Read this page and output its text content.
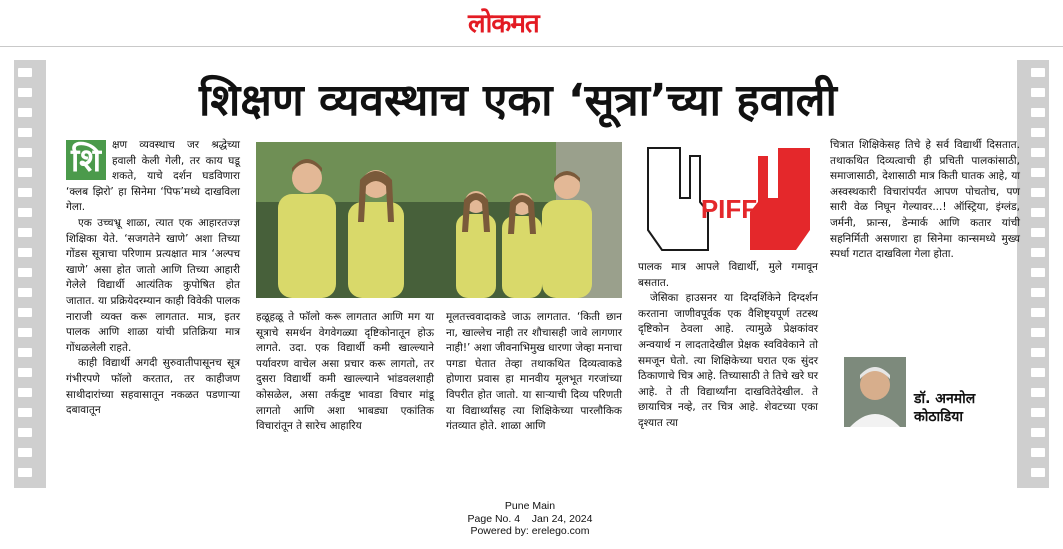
लोकमत
शिक्षण व्यवस्थाच एका ‘सूत्रा’च्या हवाली
शि	क्षण व्यवस्थाच जर श्रद्धेच्या हवाली केली गेली, तर काय घडू शकते, याचे दर्शन घडविणारा ‘क्लब झिरो’ हा सिनेमा ‘पिफ’मध्ये दाखविला गेला.

एक उच्चभ्रू शाळा, त्यात एक आहारतज्ज्ञ शिक्षिका येते. ‘सजगतेने खाणे’ अशा तिच्या गोंडस सूत्राचा परिणाम प्रत्यक्षात मात्र ‘अल्पच खाणे’ असा होत जातो आणि तिच्या आहारी गेलेले विद्यार्थी आत्यंतिक कुपोषित होत जातात. या प्रक्रियेदरम्यान काही विवेकी पालक नाराजी व्यक्त करू लागतात. मात्र, इतर पालक आणि शाळा यांची प्रतिक्रिया मात्र गोंधळलेली राहते.

काही विद्यार्थी अगदी सुरुवातीपासूनच सूत्र गंभीरपणे फॉलो करतात, तर काहीजण साथीदारांच्या सहवासातून नकळत पडणाऱ्या दबावातून

हळूहळू ते फॉलो करू लागतात आणि मग या सूत्राचे समर्थन वेगवेगळ्या दृष्टिकोनातून होऊ लागते. उदा. एक विद्यार्थी कमी खाल्ल्याने पर्यावरण वाचेल असा प्रचार करू लागतो, तर दुसरा विद्यार्थी कमी खाल्ल्याने भांडवलशाही कोसळेल, असा तर्कदुष्ट भावडा विचार मांडू लागतो आणि अशा भाबड्या एकांतिक विचारांतून ते सारेच आहारिय

मूलतत्त्ववादाकडे जाऊ लागतात. ‘किती छान ना, खाल्लेच नाही तर शौचासही जावे लागणार नाही!’ अशा जीवनाभिमुख धारणा जेव्हा मनाचा पगडा घेतात तेव्हा तथाकथित दिव्यत्वाकडे होणारा प्रवास हा मानवीय मूलभूत गरजांच्या विपरीत होत जातो. या साऱ्याची दिव्य परिणती या विद्यार्थ्यांसह त्या शिक्षिकेच्या पारलौकिक गंतव्यात होते. शाळा आणि

PIFF

पालक मात्र आपले विद्यार्थी, मुले गमावून बसतात.

जेसिका हाउसनर या दिग्दर्शिकेने दिग्दर्शन करताना जाणीवपूर्वक एक वैशिष्ट्यपूर्ण तटस्थ दृष्टिकोन ठेवला आहे. त्यामुळे प्रेक्षकांवर अन्वयार्थ न लादतादेखील प्रेक्षक स्वविवेकाने तो समजून घेतो. त्या शिक्षिकेच्या घरात एक सुंदर ठिकाणाचे चित्र आहे. तिच्यासाठी ते तिचे खरे घर आहे. ते ती विद्यार्थ्यांना दाखवितेदेखील. ते छायाचित्र नव्हे, तर चित्र आहे. शेवटच्या एका दृश्यात त्या

चित्रात शिक्षिकेसह तिचे हे सर्व विद्यार्थी दिसतात. तथाकथित दिव्यत्वाची ही प्रचिती पालकांसाठी, समाजासाठी, देशासाठी मात्र किती घातक आहे, या अस्वस्थकारी विचारांपर्यंत आपण पोचतोच, पण सारी वेळ निघून गेल्यावर...! ऑस्ट्रिया, इंग्लंड, जर्मनी, फ्रान्स, डेन्मार्क आणि कतार यांची सहनिर्मिती असणारा हा सिनेमा कान्समध्ये मुख्य स्पर्धा गटात दाखविला गेला होता.

डॉ. अनमोल
कोठाडिया
Pune Main
Page No. 4 Jan 24, 2024
Powered by: erelego.com
